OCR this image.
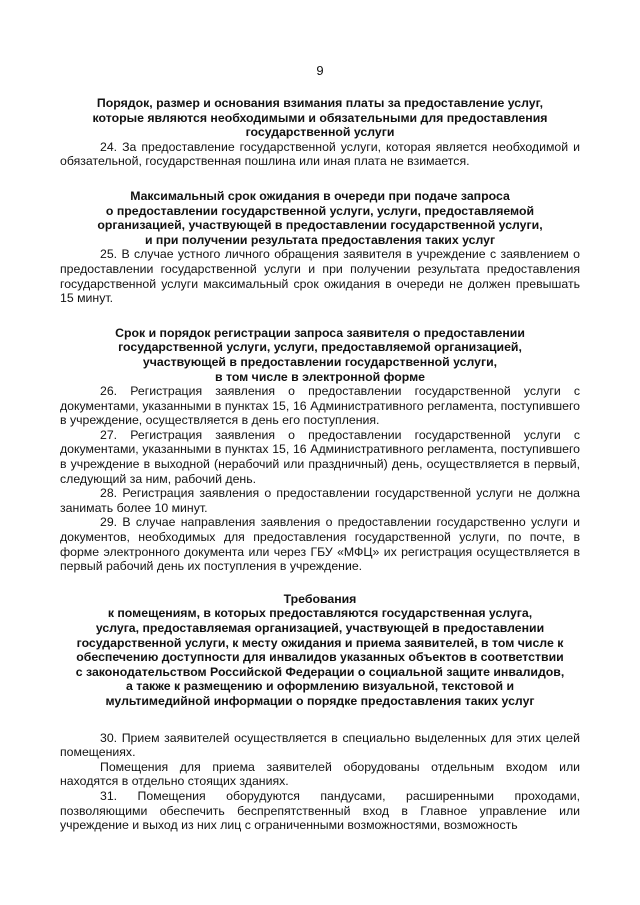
9
Порядок, размер и основания взимания платы за предоставление услуг,
которые являются необходимыми и обязательными для предоставления
государственной услуги

24. За предоставление государственной услуги, которая является необходимой и обязательной, государственная пошлина или иная плата не взимается.

Максимальный срок ожидания в очереди при подаче запроса
о предоставлении государственной услуги, услуги, предоставляемой
организацией, участвующей в предоставлении государственной услуги,
и при получении результата предоставления таких услуг

25. В случае устного личного обращения заявителя в учреждение с заявлением о предоставлении государственной услуги и при получении результата предоставления государственной услуги максимальный срок ожидания в очереди не должен превышать 15 минут.

Срок и порядок регистрации запроса заявителя о предоставлении
государственной услуги, услуги, предоставляемой организацией,
участвующей в предоставлении государственной услуги,
в том числе в электронной форме

26. Регистрация заявления о предоставлении государственной услуги с документами, указанными в пунктах 15, 16 Административного регламента, поступившего в учреждение, осуществляется в день его поступления.

27. Регистрация заявления о предоставлении государственной услуги с документами, указанными в пунктах 15, 16 Административного регламента, поступившего в учреждение в выходной (нерабочий или праздничный) день, осуществляется в первый, следующий за ним, рабочий день.

28. Регистрация заявления о предоставлении государственной услуги не должна занимать более 10 минут.

29. В случае направления заявления о предоставлении государственно услуги и документов, необходимых для предоставления государственной услуги, по почте, в форме электронного документа или через ГБУ «МФЦ» их регистрация осуществляется в первый рабочий день их поступления в учреждение.

Требования
к помещениям, в которых предоставляются государственная услуга,
услуга, предоставляемая организацией, участвующей в предоставлении
государственной услуги, к месту ожидания и приема заявителей, в том числе к
обеспечению доступности для инвалидов указанных объектов в соответствии
с законодательством Российской Федерации о социальной защите инвалидов,
а также к размещению и оформлению визуальной, текстовой и
мультимедийной информации о порядке предоставления таких услуг

30. Прием заявителей осуществляется в специально выделенных для этих целей помещениях.

Помещения для приема заявителей оборудованы отдельным входом или находятся в отдельно стоящих зданиях.

31. Помещения оборудуются пандусами, расширенными проходами, позволяющими обеспечить беспрепятственный вход в Главное управление или учреждение и выход из них лиц с ограниченными возможностями, возможность
